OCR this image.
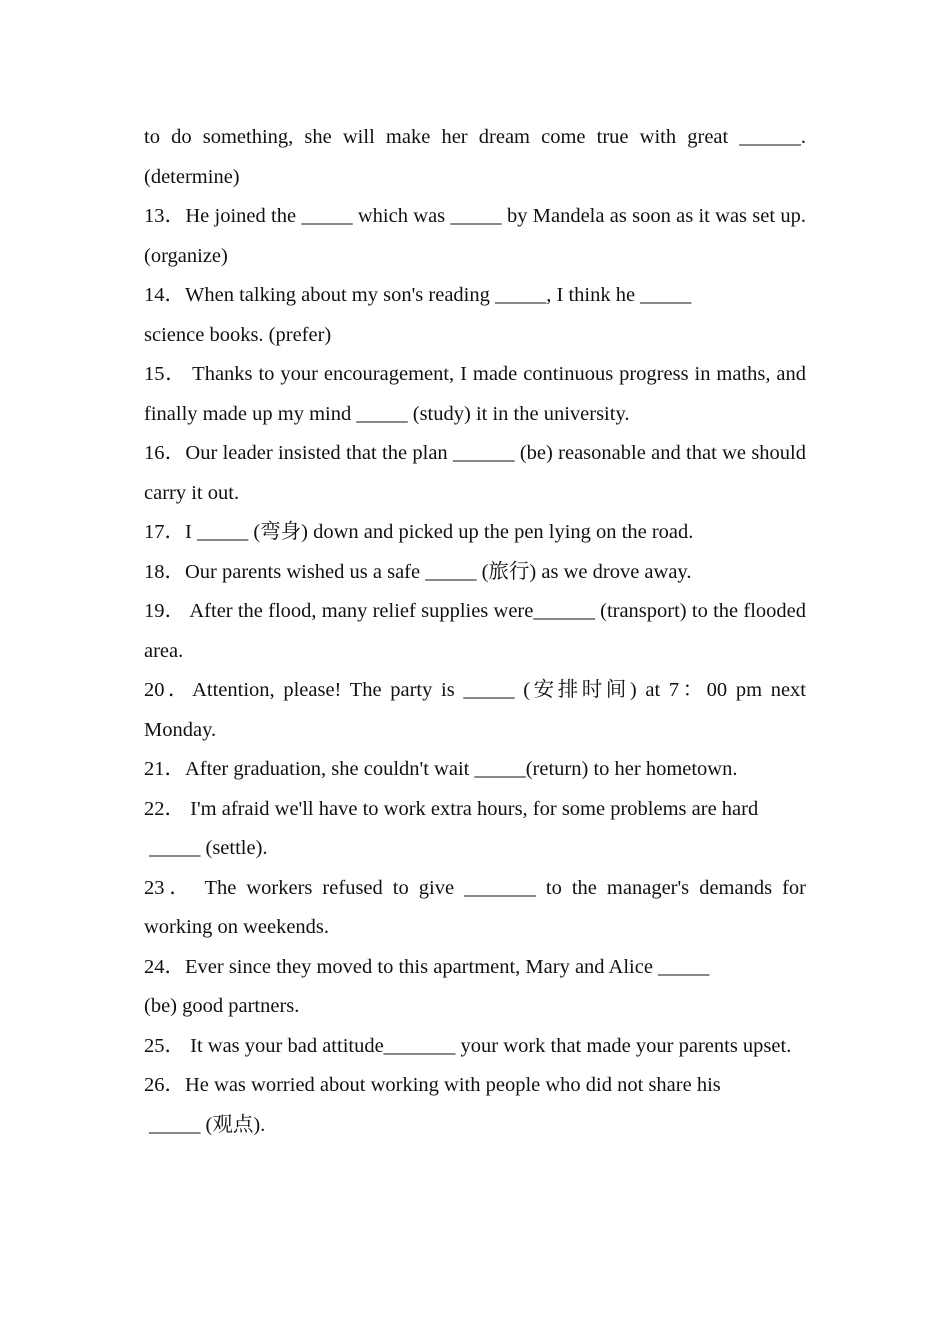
to do something, she will make her dream come true with great ______. (determine)

13．He joined the _____ which was _____ by Mandela as soon as it was set up. (organize)

14．When talking about my son's reading _____, I think he _____ science books. (prefer)

15． Thanks to your encouragement, I made continuous progress in maths, and finally made up my mind _____ (study) it in the university.

16．Our leader insisted that the plan ______ (be) reasonable and that we should carry it out.

17．I _____ (弯身) down and picked up the pen lying on the road.

18．Our parents wished us a safe _____ (旅行) as we drove away.

19． After the flood, many relief supplies were______ (transport) to the flooded area.

20．Attention, please! The party is _____ (安排时间) at 7：00 pm next Monday.

21．After graduation, she couldn't wait _____(return) to her hometown.

22． I'm afraid we'll have to work extra hours, for some problems are hard
_____ (settle).

23． The workers refused to give _______ to the manager's demands for working on weekends.

24．Ever since they moved to this apartment, Mary and Alice _____
(be) good partners.

25． It was your bad attitude_______ your work that made your parents upset.

26．He was worried about working with people who did not share his
_____ (观点).
